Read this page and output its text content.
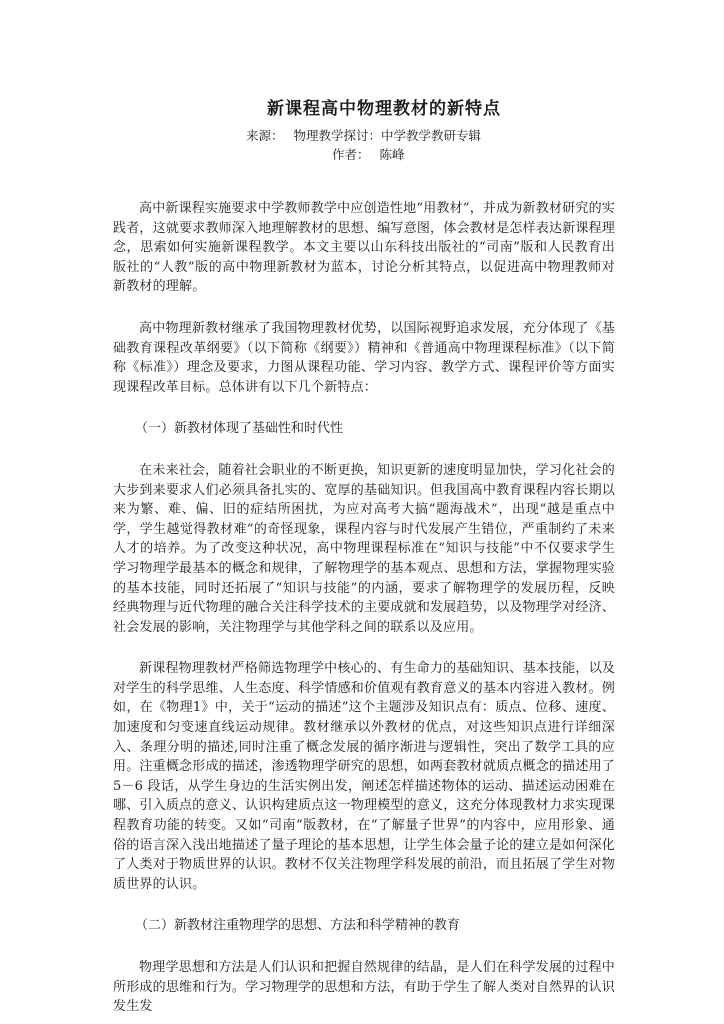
新课程高中物理教材的新特点

来源： 物理教学探讨：中学教学教研专辑

作者： 陈峰

高中新课程实施要求中学教师教学中应创造性地“用教材”，并成为新教材研究的实践者，这就要求教师深入地理解教材的思想、编写意图，体会教材是怎样表达新课程理念，思索如何实施新课程教学。本文主要以山东科技出版社的“司南”版和人民教育出版社的“人教”版的高中物理新教材为蓝本，讨论分析其特点，以促进高中物理教师对新教材的理解。

高中物理新教材继承了我国物理教材优势，以国际视野追求发展，充分体现了《基础教育课程改革纲要》（以下简称《纲要》）精神和《普通高中物理课程标准》（以下简称《标准》）理念及要求，力图从课程功能、学习内容、教学方式、课程评价等方面实现课程改革目标。总体讲有以下几个新特点：

（一）新教材体现了基础性和时代性

在未来社会，随着社会职业的不断更换，知识更新的速度明显加快，学习化社会的大步到来要求人们必须具备扎实的、宽厚的基础知识。但我国高中教育课程内容长期以来为繁、难、偏、旧的症结所困扰，为应对高考大搞“题海战术”，出现“越是重点中学，学生越觉得教材难”的奇怪现象，课程内容与时代发展产生错位，严重制约了未来人才的培养。为了改变这种状况，高中物理课程标准在“知识与技能”中不仅要求学生学习物理学最基本的概念和规律，了解物理学的基本观点、思想和方法，掌握物理实验的基本技能，同时还拓展了“知识与技能”的内涵，要求了解物理学的发展历程，反映经典物理与近代物理的融合关注科学技术的主要成就和发展趋势，以及物理学对经济、社会发展的影响，关注物理学与其他学科之间的联系以及应用。

新课程物理教材严格筛选物理学中核心的、有生命力的基础知识、基本技能，以及对学生的科学思维、人生态度、科学情感和价值观有教育意义的基本内容进入教材。例如，在《物理1》中，关于“运动的描述”这个主题涉及知识点有：质点、位移、速度、加速度和匀变速直线运动规律。教材继承以外教材的优点，对这些知识点进行详细深入、条理分明的描述,同时注重了概念发展的循序渐进与逻辑性，突出了数学工具的应用。注重概念形成的描述，渗透物理学研究的思想，如两套教材就质点概念的描述用了 5－6 段话，从学生身边的生活实例出发，阐述怎样描述物体的运动、描述运动困难在哪、引入质点的意义、认识构建质点这一物理模型的意义，这充分体现教材力求实现课程教育功能的转变。又如“司南”版教材，在“了解量子世界”的内容中，应用形象、通俗的语言深入浅出地描述了量子理论的基本思想，让学生体会量子论的建立是如何深化了人类对于物质世界的认识。教材不仅关注物理学科发展的前沿，而且拓展了学生对物质世界的认识。

（二）新教材注重物理学的思想、方法和科学精神的教育

物理学思想和方法是人们认识和把握自然规律的结晶，是人们在科学发展的过程中所形成的思维和行为。学习物理学的思想和方法，有助于学生了解人类对自然界的认识发生发
